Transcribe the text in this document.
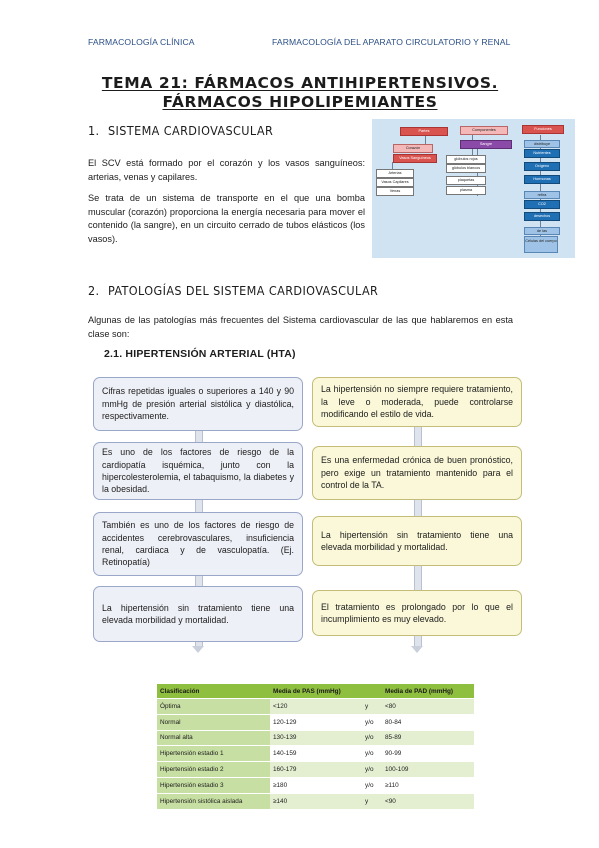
FARMACOLOGÍA CLÍNICA	FARMACOLOGÍA DEL APARATO CIRCULATORIO Y RENAL
TEMA 21: FÁRMACOS ANTIHIPERTENSIVOS.
FÁRMACOS HIPOLIPEMIANTES
1. SISTEMA CARDIOVASCULAR
El SCV está formado por el corazón y los vasos sanguíneos: arterias, venas y capilares.
Se trata de un sistema de transporte en el que una bomba muscular (corazón) proporciona la energía necesaria para mover el contenido (la sangre), en un circuito cerrado de tubos elásticos (los vasos).
Partes
Corazón
Vasos Sanguíneos
Arterias
Vasos Capilares
Venas
Componentes
Sangre
glóbulos rojos
glóbulos blancos
plaquetas
plasma
Funciones
distribuye
Nutrientes
Oxígeno
Hormonas
retira
CO2
desechos
de las
Células del cuerpo
2. PATOLOGÍAS DEL SISTEMA CARDIOVASCULAR
Algunas de las patologías más frecuentes del Sistema cardiovascular de las que hablaremos en esta clase son:
2.1. HIPERTENSIÓN ARTERIAL (HTA)
Cifras repetidas iguales o superiores a 140 y 90 mmHg de presión arterial sistólica y diastólica, respectivamente.
Es uno de los factores de riesgo de la cardiopatía isquémica, junto con la hipercolesterolemia, el tabaquismo, la diabetes y la obesidad.
También es uno de los factores de riesgo de accidentes cerebrovasculares, insuficiencia renal, cardiaca y de vasculopatía. (Ej. Retinopatía)
La hipertensión sin tratamiento tiene una elevada morbilidad y mortalidad.
La hipertensión no siempre requiere tratamiento, la leve o moderada, puede controlarse modificando el estilo de vida.
Es una enfermedad crónica de buen pronóstico, pero exige un tratamiento mantenido para el control de la TA.
La hipertensión sin tratamiento tiene una elevada morbilidad y mortalidad.
El tratamiento es prolongado por lo que el incumplimiento es muy elevado.
Clasificación	Media de PAS (mmHg)		Media de PAD (mmHg)
Óptima	<120	y	<80
Normal	120-129	y/o	80-84
Normal alta	130-139	y/o	85-89
Hipertensión estadio 1	140-159	y/o	90-99
Hipertensión estadio 2	160-179	y/o	100-109
Hipertensión estadio 3	≥180	y/o	≥110
Hipertensión sistólica aislada	≥140	y	<90
